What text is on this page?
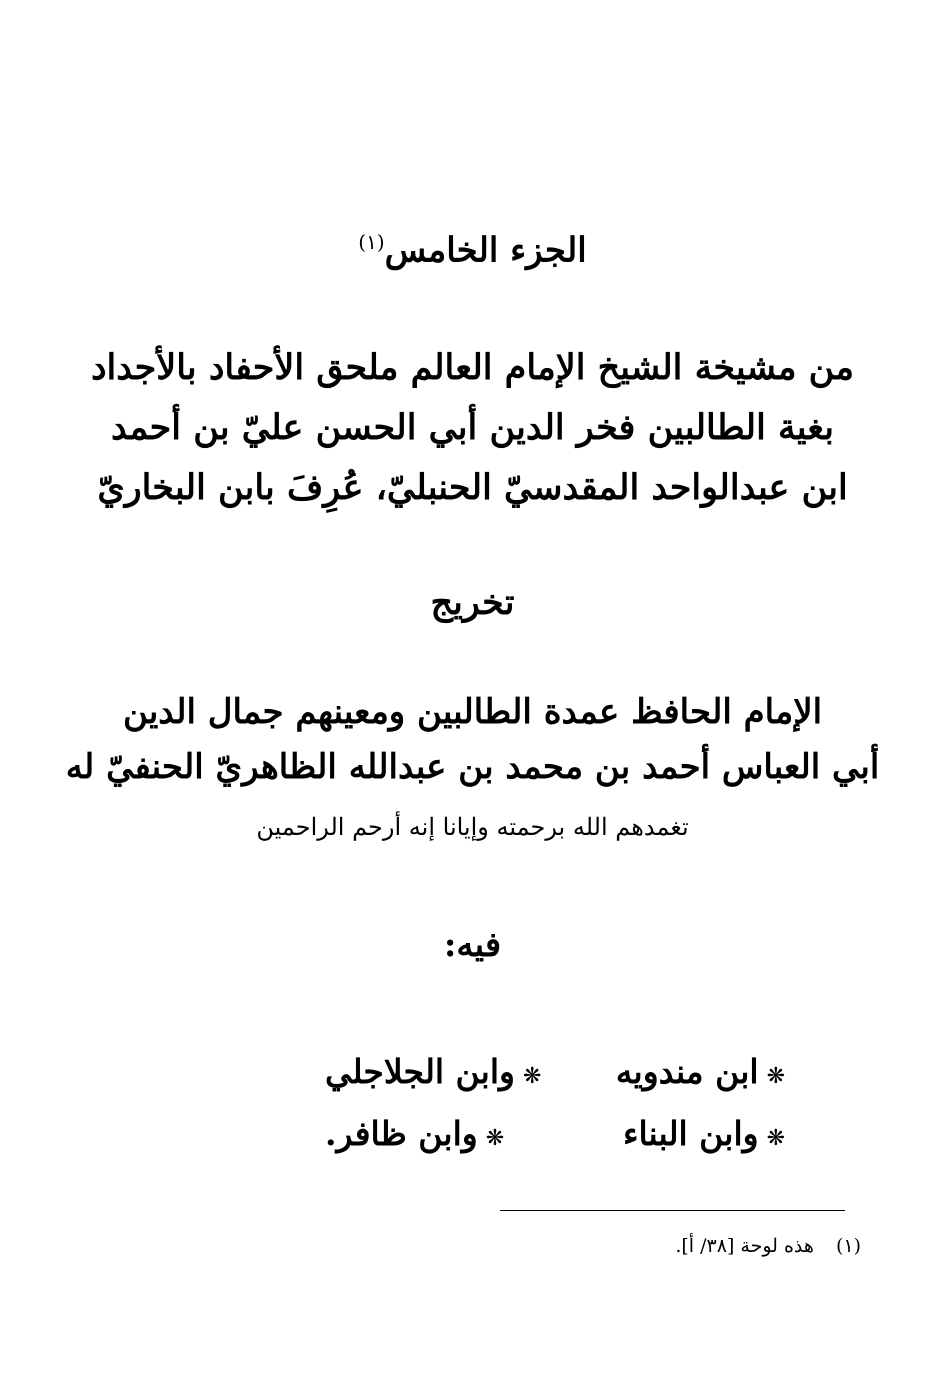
الجزء الخامس$^{(١)}$
من مشيخة الشيخ الإمام العالم ملحق الأحفاد بالأجداد
بغية الطالبين فخر الدين أبي الحسن عليّ بن أحمد
ابن عبدالواحد المقدسيّ الحنبليّ، عُرِفَ بابن البخاريّ
تخريج
الإمام الحافظ عمدة الطالبين ومعينهم جمال الدين
أبي العباس أحمد بن محمد بن عبدالله الظاهريّ الحنفيّ له
تغمدهم الله برحمته وإيانا إنه أرحم الراحمين
فيه:
❋ابن مندويه
❋وابن الجلاجلي
❋وابن البناء
❋وابن ظافر.
(١)هذه لوحة [٣٨/ أ].
